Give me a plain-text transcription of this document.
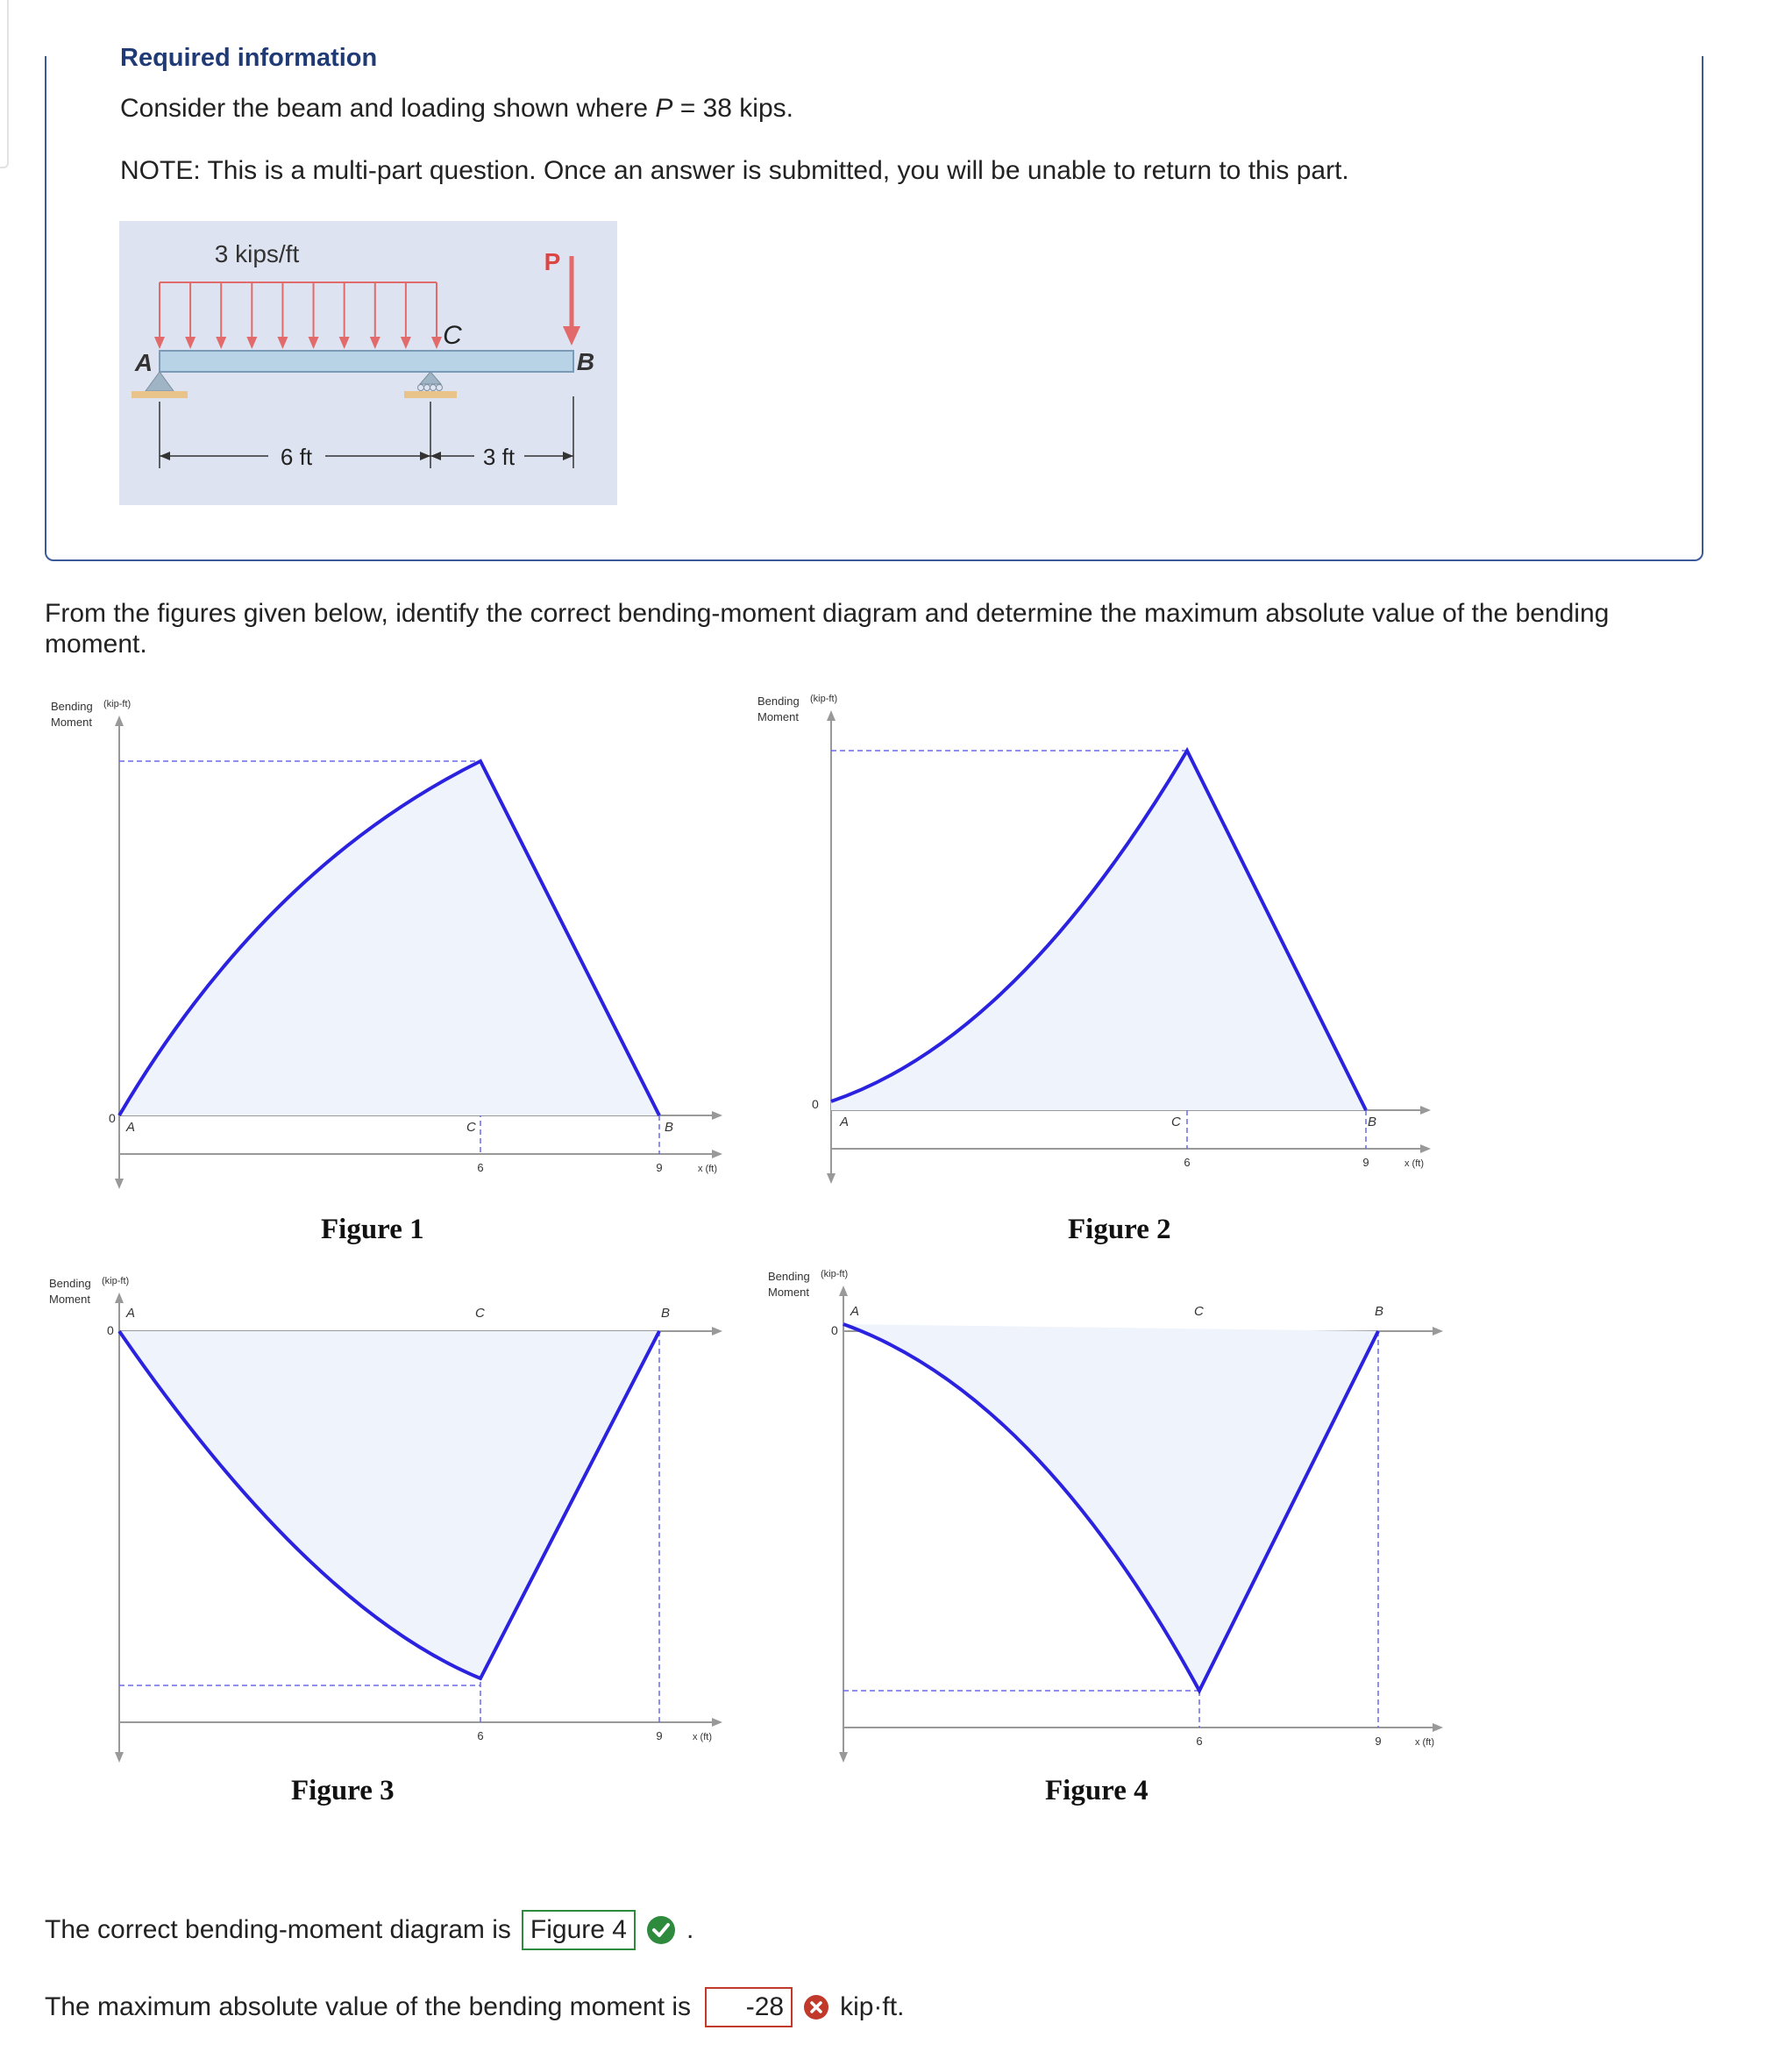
Required information
Consider the beam and loading shown where P = 38 kips.
NOTE: This is a multi-part question. Once an answer is submitted, you will be unable to return to this part.
3 kips/ft	P
A
C
B
6 ft	3 ft
From the figures given below, identify the correct bending-moment diagram and determine the maximum absolute value of the bending moment.
Bending
Moment
(kip-ft)
0
A	C	B
6	9	x (ft)
Bending
Moment
(kip-ft)
0
A	C	B
6	9	x (ft)
Figure 1	Figure 2
Bending
Moment
(kip-ft)
0
A	C	B
6	9	x (ft)
Bending
Moment
(kip-ft)
0
A	C	B
6	9	x (ft)
Figure 3	Figure 4
The correct bending-moment diagram is Figure 4	.
The maximum absolute value of the bending moment is	-28	kip·ft.
